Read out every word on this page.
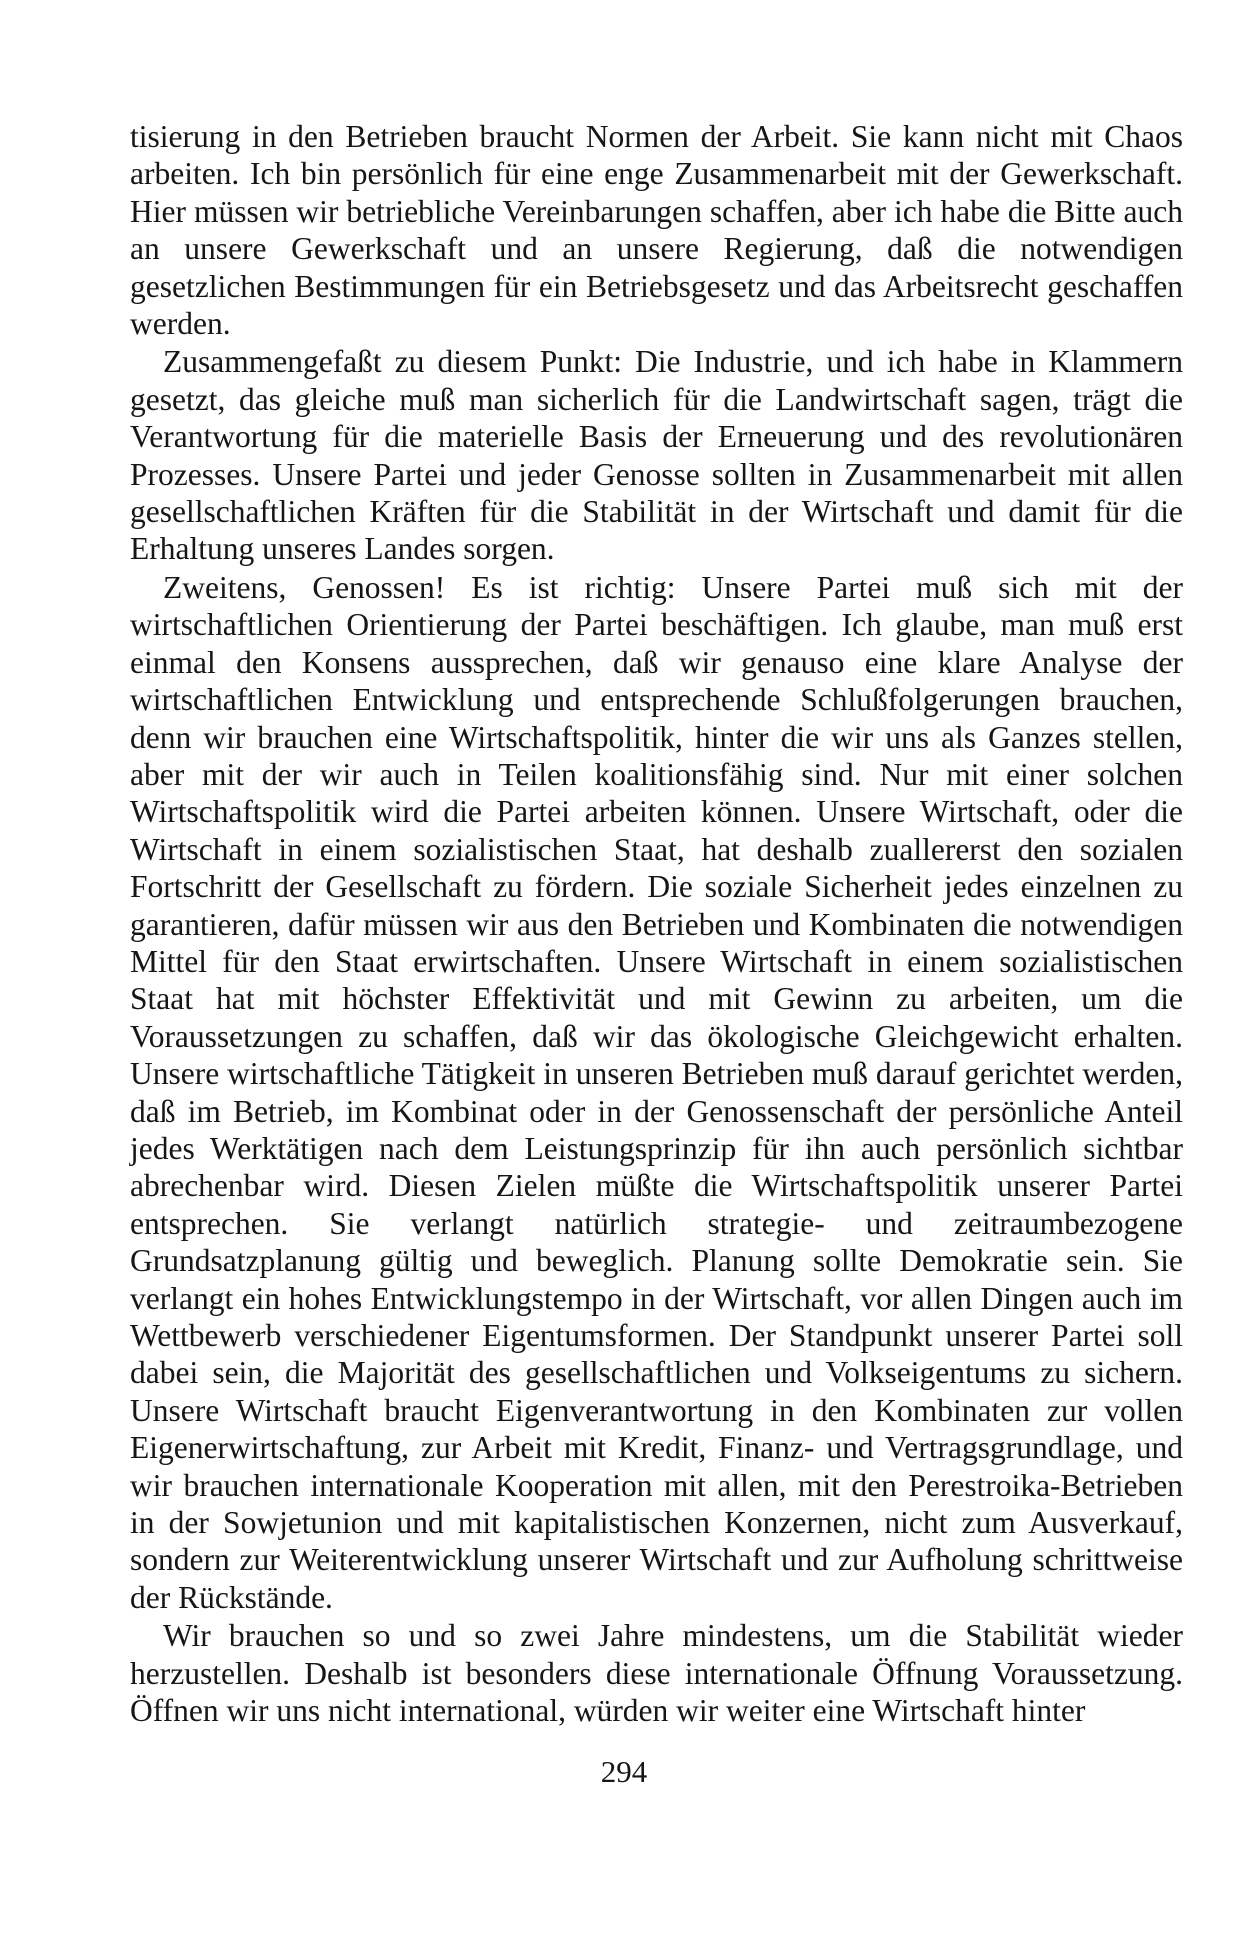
tisierung in den Betrieben braucht Normen der Arbeit. Sie kann nicht mit Chaos arbeiten. Ich bin persönlich für eine enge Zusammenarbeit mit der Gewerkschaft. Hier müssen wir betriebliche Vereinbarungen schaffen, aber ich habe die Bitte auch an unsere Gewerkschaft und an unsere Regierung, daß die notwendigen gesetzlichen Bestimmungen für ein Betriebsgesetz und das Arbeitsrecht geschaffen werden.

Zusammengefaßt zu diesem Punkt: Die Industrie, und ich habe in Klammern gesetzt, das gleiche muß man sicherlich für die Landwirtschaft sagen, trägt die Verantwortung für die materielle Basis der Erneuerung und des revolutionären Prozesses. Unsere Partei und jeder Genosse sollten in Zusammenarbeit mit allen gesellschaftlichen Kräften für die Stabilität in der Wirtschaft und damit für die Erhaltung unseres Landes sorgen.

Zweitens, Genossen! Es ist richtig: Unsere Partei muß sich mit der wirtschaftlichen Orientierung der Partei beschäftigen. Ich glaube, man muß erst einmal den Konsens aussprechen, daß wir genauso eine klare Analyse der wirtschaftlichen Entwicklung und entsprechende Schlußfolgerungen brauchen, denn wir brauchen eine Wirtschaftspolitik, hinter die wir uns als Ganzes stellen, aber mit der wir auch in Teilen koalitionsfähig sind. Nur mit einer solchen Wirtschaftspolitik wird die Partei arbeiten können. Unsere Wirtschaft, oder die Wirtschaft in einem sozialistischen Staat, hat deshalb zuallererst den sozialen Fortschritt der Gesellschaft zu fördern. Die soziale Sicherheit jedes einzelnen zu garantieren, dafür müssen wir aus den Betrieben und Kombinaten die notwendigen Mittel für den Staat erwirtschaften. Unsere Wirtschaft in einem sozialistischen Staat hat mit höchster Effektivität und mit Gewinn zu arbeiten, um die Voraussetzungen zu schaffen, daß wir das ökologische Gleichgewicht erhalten. Unsere wirtschaftliche Tätigkeit in unseren Betrieben muß darauf gerichtet werden, daß im Betrieb, im Kombinat oder in der Genossenschaft der persönliche Anteil jedes Werktätigen nach dem Leistungsprinzip für ihn auch persönlich sichtbar abrechenbar wird. Diesen Zielen müßte die Wirtschaftspolitik unserer Partei entsprechen. Sie verlangt natürlich strategie- und zeitraumbezogene Grundsatzplanung gültig und beweglich. Planung sollte Demokratie sein. Sie verlangt ein hohes Entwicklungstempo in der Wirtschaft, vor allen Dingen auch im Wettbewerb verschiedener Eigentumsformen. Der Standpunkt unserer Partei soll dabei sein, die Majorität des gesellschaftlichen und Volkseigentums zu sichern. Unsere Wirtschaft braucht Eigenverantwortung in den Kombinaten zur vollen Eigenerwirtschaftung, zur Arbeit mit Kredit, Finanz- und Vertragsgrundlage, und wir brauchen internationale Kooperation mit allen, mit den Perestroika-Betrieben in der Sowjetunion und mit kapitalistischen Konzernen, nicht zum Ausverkauf, sondern zur Weiterentwicklung unserer Wirtschaft und zur Aufholung schrittweise der Rückstände.

Wir brauchen so und so zwei Jahre mindestens, um die Stabilität wieder herzustellen. Deshalb ist besonders diese internationale Öffnung Voraussetzung. Öffnen wir uns nicht international, würden wir weiter eine Wirtschaft hinter

294
